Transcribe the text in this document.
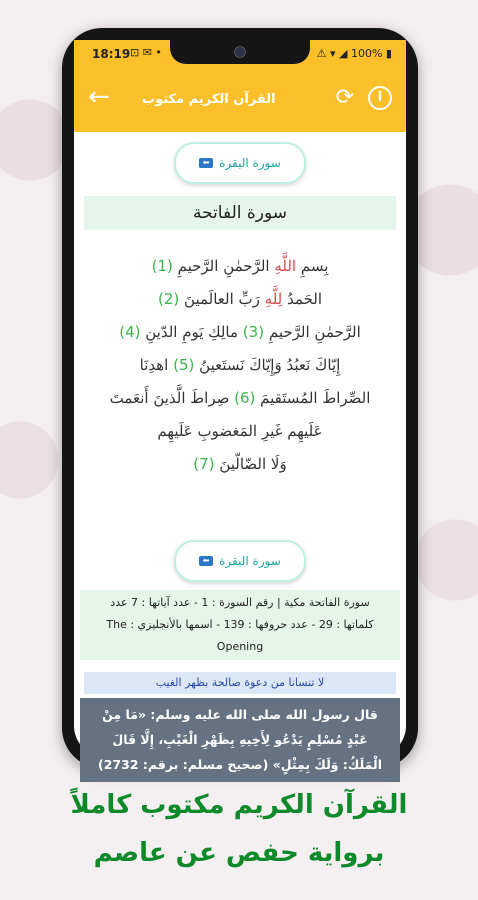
18:19 ⊡ ✉ •	⚠ ▾ ◢ 100% ▮
← القرآن الكريم مكتوب	⟳	i
⬅ سورة البقرة
سورة الفاتحة
بِسمِ اللَّهِ الرَّحمٰنِ الرَّحيمِ (1)
الحَمدُ لِلَّهِ رَبِّ العالَمينَ (2)
الرَّحمٰنِ الرَّحيمِ (3) مالِكِ يَومِ الدّينِ (4)
إِيّاكَ نَعبُدُ وَإِيّاكَ نَستَعينُ (5) اهدِنَا
الصِّراطَ المُستَقيمَ (6) صِراطَ الَّذينَ أَنعَمتَ
عَلَيهِم غَيرِ المَغضوبِ عَلَيهِم
وَلَا الضّالّينَ (7)
⬅ سورة البقرة
سورة الفاتحة مكية | رقم السورة : 1 - عدد آياتها : 7 عدد
كلماتها : 29 - عدد حروفها : 139 - اسمها بالأنجليزي : The
Opening
لا تنسانا من دعوة صالحة بظهر الغيب
قال رسول الله صلى الله عليه وسلم: «مَا مِنْ
عَبْدٍ مُسْلِمٍ يَدْعُو لِأَخِيهِ بِظَهْرِ الْغَيْبِ، إِلَّا قَالَ
الْمَلَكُ: وَلَكَ بِمِثْلٍ» (صحيح مسلم: برقم: 2732)
القرآن الكريم مكتوب كاملاً
برواية حفص عن عاصم
